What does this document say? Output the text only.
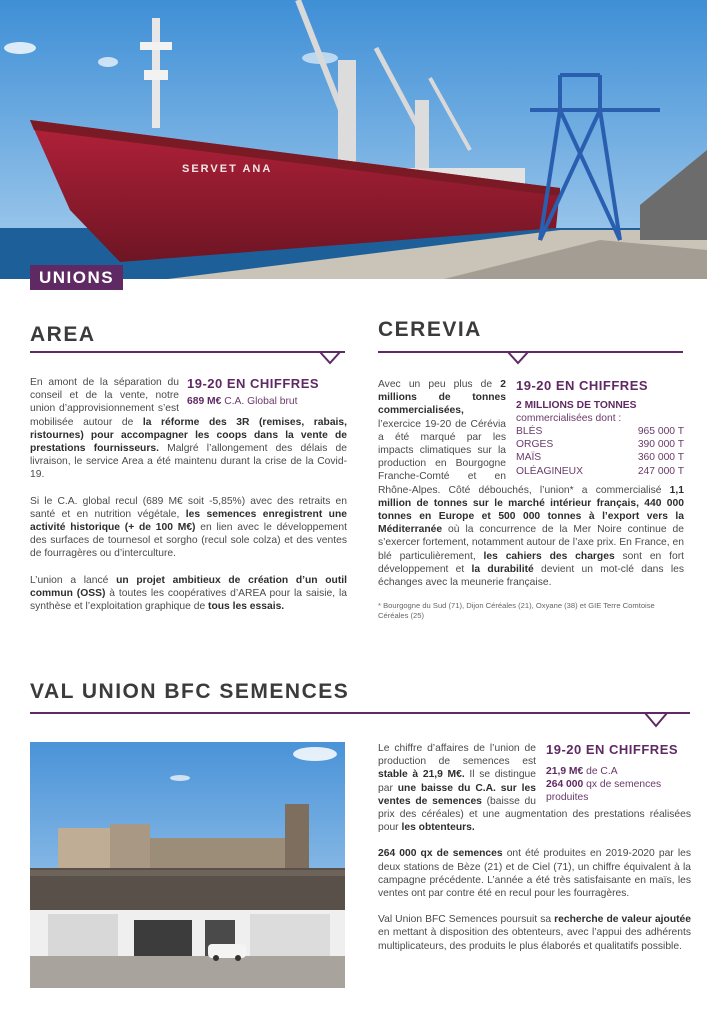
SERVET ANA
UNIONS
AREA
19-20 EN CHIFFRES
689 M€ C.A. Global brut

En amont de la séparation du conseil et de la vente, notre union d’approvisionnement s’est mobilisée autour de la réforme des 3R (remises, rabais, ristournes) pour accompagner les coops dans la vente de prestations fournisseurs. Malgré l’allongement des délais de livraison, le service Area a été maintenu durant la crise de la Covid-19.

Si le C.A. global recul (689 M€ soit -5,85%) avec des retraits en santé et en nutrition végétale, les semences enregistrent une activité historique (+ de 100 M€) en lien avec le développement des surfaces de tournesol et sorgho (recul sole colza) et des ventes de fourragères ou d’interculture.

L’union a lancé un projet ambitieux de création d’un outil commun (OSS) à toutes les coopératives d’AREA pour la saisie, la synthèse et l’exploitation graphique de tous les essais.

CEREVIA
19-20 EN CHIFFRES
2 MILLIONS DE TONNES
commercialisées dont :
BLÉS	965 000 T
ORGES	390 000 T
MAÏS	360 000 T
OLÉAGINEUX	247 000 T

Avec un peu plus de 2 millions de tonnes commercialisées, l’exercice 19-20 de Cérévia a été marqué par les impacts climatiques sur la production en Bourgogne Franche-Comté et en Rhône-Alpes. Côté débouchés, l’union* a commercialisé 1,1 million de tonnes sur le marché intérieur français, 440 000 tonnes en Europe et 500 000 tonnes à l’export vers la Méditerranée où la concurrence de la Mer Noire continue de s’exercer fortement, notamment autour de l’axe prix. En France, en blé particulièrement, les cahiers des charges sont en fort développement et la durabilité devient un mot-clé dans les échanges avec la meunerie française.

* Bourgogne du Sud (71), Dijon Céréales (21), Oxyane (38) et GIE Terre Comtoise Céréales (25)

VAL UNION BFC SEMENCES
19-20 EN CHIFFRES
21,9 M€ de C.A
264 000 qx de semences produites

Le chiffre d’affaires de l’union de production de semences est stable à 21,9 M€. Il se distingue par une baisse du C.A. sur les ventes de semences (baisse du prix des céréales) et une augmentation des prestations réalisées pour les obtenteurs.

264 000 qx de semences ont été produites en 2019-2020 par les deux stations de Bèze (21) et de Ciel (71), un chiffre équivalent à la campagne précédente. L’année a été très satisfaisante en maïs, les ventes ont par contre été en recul pour les fourragères.

Val Union BFC Semences poursuit sa recherche de valeur ajoutée en mettant à disposition des obtenteurs, avec l’appui des adhérents multiplicateurs, des produits le plus élaborés et qualitatifs possible.
